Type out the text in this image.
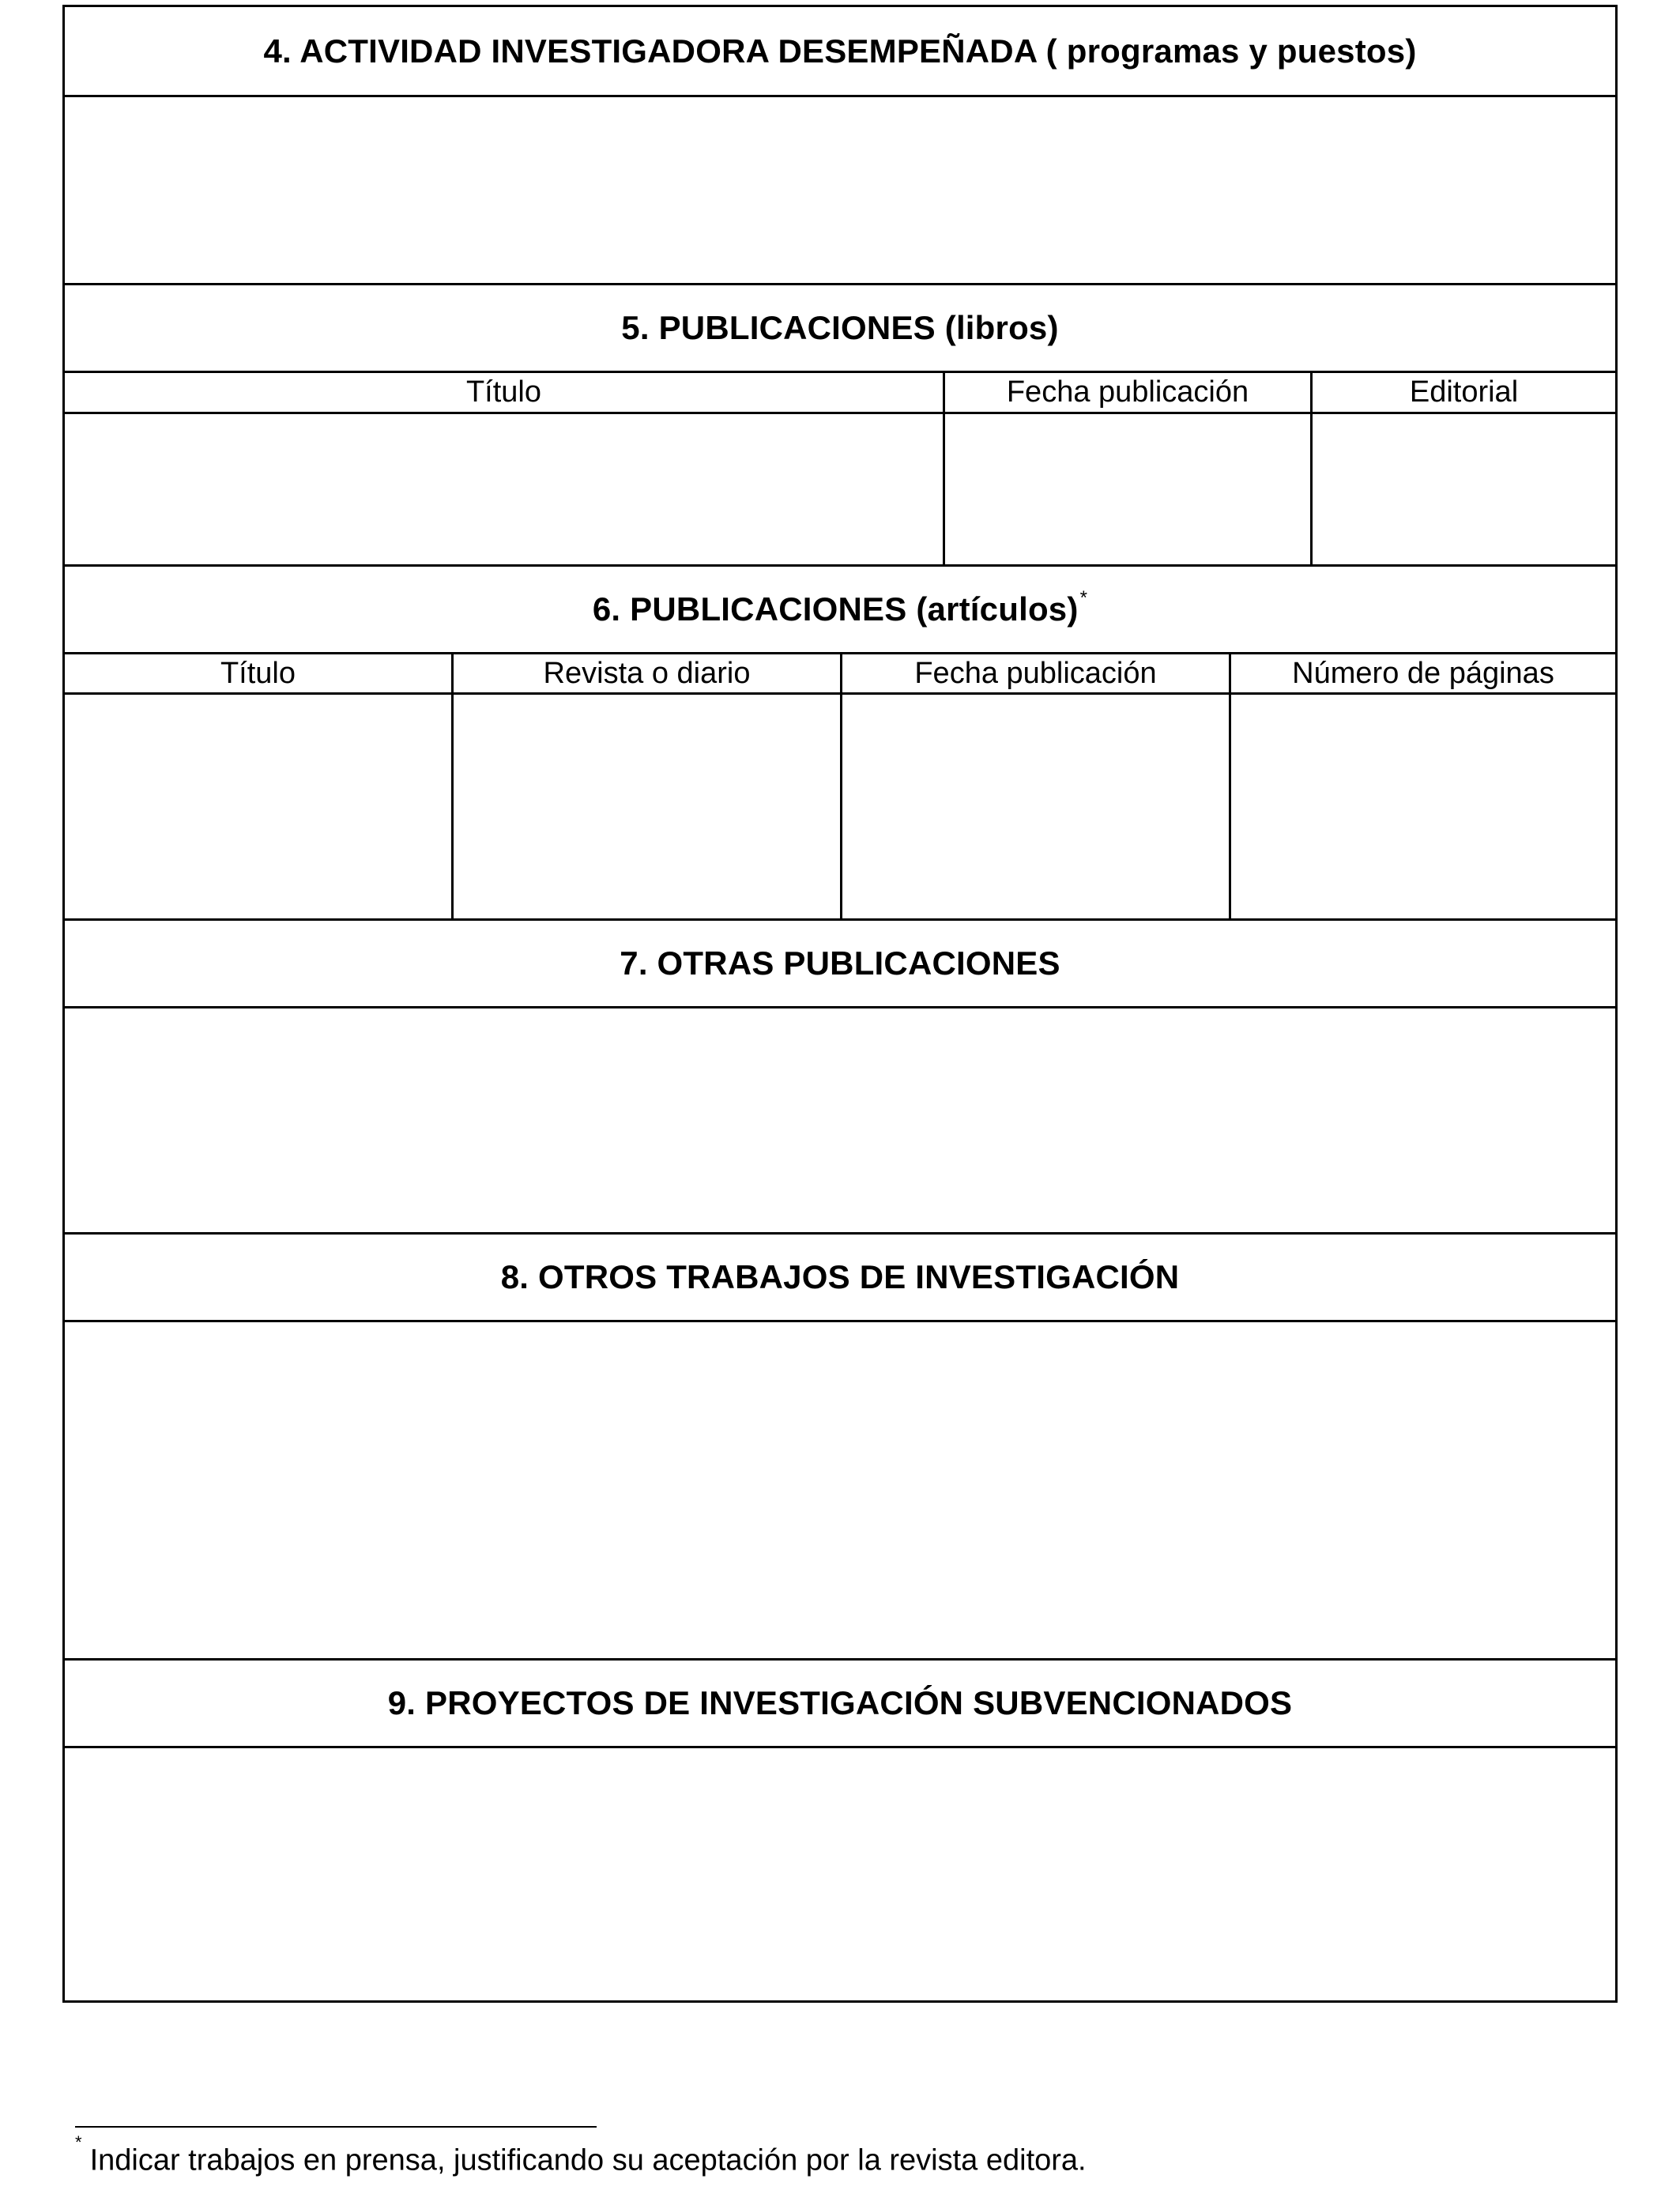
4. ACTIVIDAD INVESTIGADORA DESEMPEÑADA ( programas y puestos)
5. PUBLICACIONES (libros)
Título	Fecha publicación	Editorial
6. PUBLICACIONES (artículos)*
Título	Revista o diario	Fecha publicación	Número de páginas
7. OTRAS PUBLICACIONES
8. OTROS TRABAJOS DE INVESTIGACIÓN
9. PROYECTOS DE INVESTIGACIÓN SUBVENCIONADOS
*Indicar trabajos en prensa, justificando su aceptación por la revista editora.
